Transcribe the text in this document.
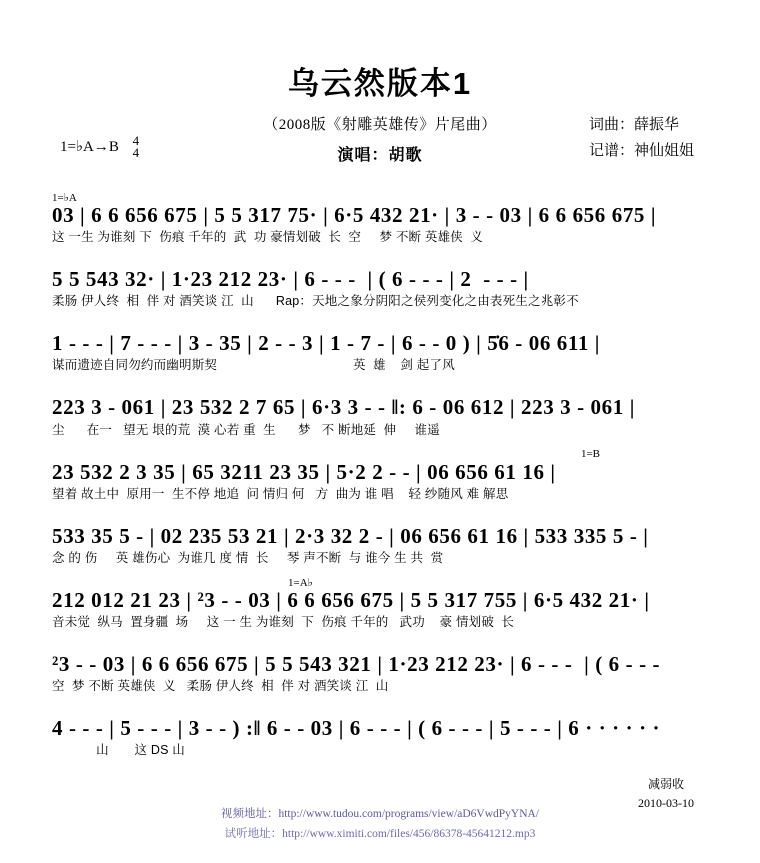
乌云然版本1
（2008版《射雕英雄传》片尾曲）
演唱：胡歌
词曲：薛振华
记谱：神仙姐姐
1=♭A→B 4
4
1=♭A
03 | 6 6 656 675 | 5 5 317 75· | 6·5 432 21· | 3 - - 03 | 6 6 656 675 |
这 一生 为谁刻 下  伤痕 千年的  武  功 豪情划破  长  空     梦 不断 英雄侠  义
5 5 543 32· | 1·23 212 23· | 6 - - -  | ( 6 - - - | 2  - - - |
柔肠 伊人终  相  伴 对 酒笑谈 江  山      Rap：天地之象分阴阳之侯列变化之由表死生之兆彰不
1 - - - | 7 - - - | 3 - 35 | 2 - - 3 | 1 - 7 - | 6 - - 0 ) | 5̇6 - 06 611 |
谋而遗迹自同勿约而幽明斯契                                     英  雄    剑 起了风
223 3 - 061 | 23 532 2 7 65 | 6·3 3 - - ‖: 6 - 06 612 | 223 3 - 061 |
尘      在一   望无 垠的荒  漠 心若 重  生      梦   不 断地延  伸     谁遥
1=B
23 532 2 3 35 | 65 3211 23 35 | 5·2 2 - - | 06 656 61 16 |
望着 故土中  原用一  生不停 地追  问 情归 何   方  曲为 谁 唱    轻 纱随风 难 解思
533 35 5 - | 02 235 53 21 | 2·3 32 2 - | 06 656 61 16 | 533 335 5 - |
念 的 伤     英 雄伤心  为谁几 度 情  长     琴 声不断  与 谁今 生 共  赏
1=A♭
212 012 21 23 | ²3 - - 03 | 6 6 656 675 | 5 5 317 755 | 6·5 432 21· |
音未觉  纵马  置身疆  场     这 一 生 为谁刻  下  伤痕 千年的   武功    豪 情划破  长
²3 - - 03 | 6 6 656 675 | 5 5 543 321 | 1·23 212 23· | 6 - - -  | ( 6 - - -
空  梦 不断 英雄侠  义   柔肠 伊人终  相  伴 对 酒笑谈 江  山
4 - - - | 5 - - - | 3 - - ) :‖ 6 - - 03 | 6 - - - | ( 6 - - - | 5 - - - | 6 · · · · · ·
山       这 DS 山
减弱收
2010-03-10
视频地址：http://www.tudou.com/programs/view/aD6VwdPyYNA/
试听地址：http://www.ximiti.com/files/456/86378-45641212.mp3
